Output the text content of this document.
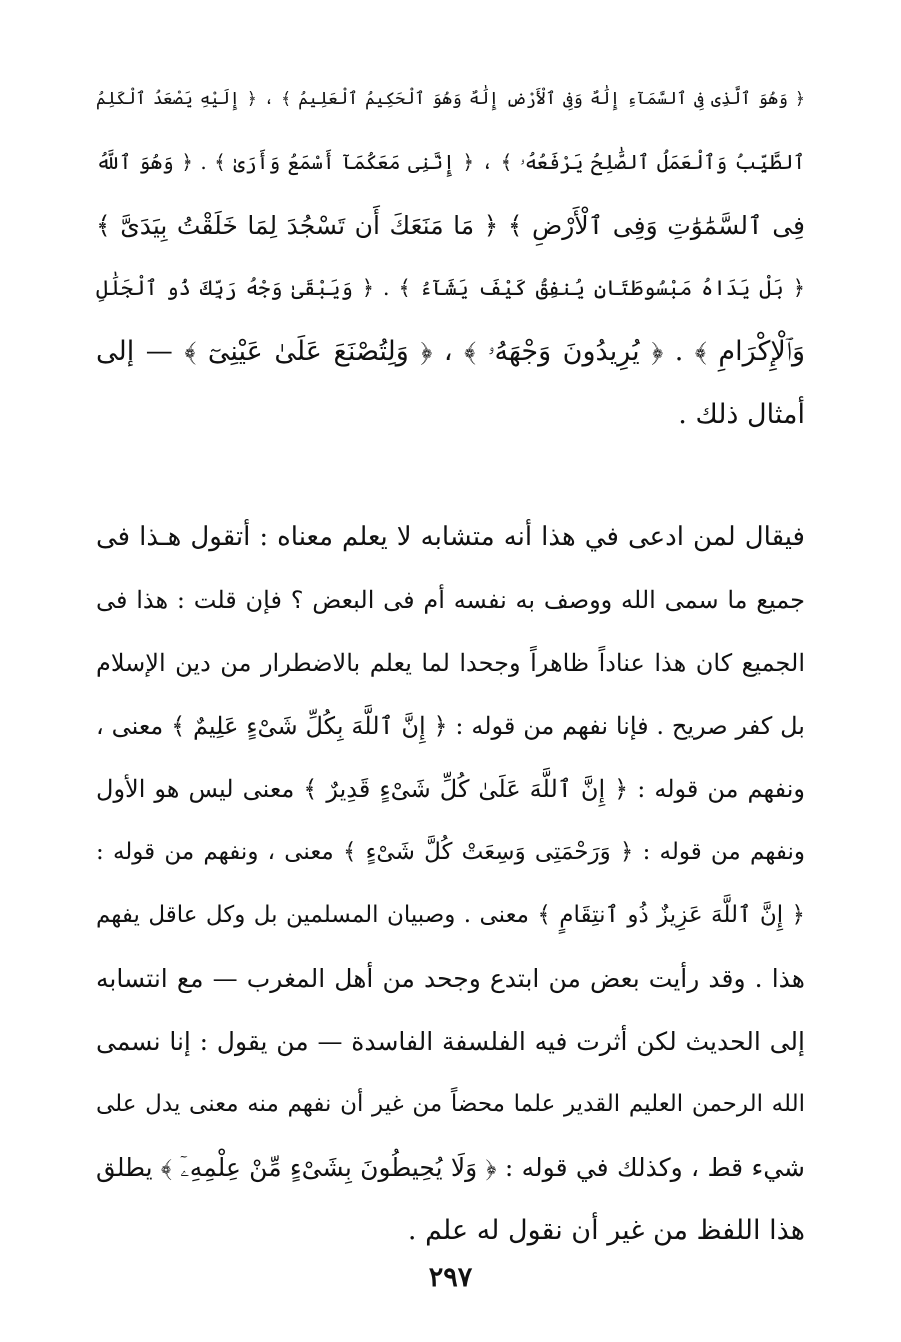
﴿ وَهُوَ ٱلَّذِى فِى ٱلسَّمَآءِ إِلَٰهٌ وَفِى ٱلْأَرْضِ إِلَٰهٌ وَهُوَ ٱلْحَكِيمُ ٱلْعَلِيمُ ﴾ ، ﴿ إِلَيْهِ يَصْعَدُ ٱلْكَلِمُ
ٱلطَّيِّبُ وَٱلْعَمَلُ ٱلصَّٰلِحُ يَرْفَعُهُۥ ﴾ ، ﴿ إِنَّنِى مَعَكُمَآ أَسْمَعُ وَأَرَىٰ ﴾ . ﴿ وَهُوَ ٱللَّهُ
فِى ٱلسَّمَٰوَٰتِ وَفِى ٱلْأَرْضِ ﴾ ﴿ مَا مَنَعَكَ أَن تَسْجُدَ لِمَا خَلَقْتُ بِيَدَىَّ ﴾
﴿ بَلْ يَدَاهُ مَبْسُوطَتَانِ يُنفِقُ كَيْفَ يَشَآءُ ﴾ . ﴿ وَيَبْقَىٰ وَجْهُ رَبِّكَ ذُو ٱلْجَلَٰلِ
وَٱلْإِكْرَامِ ﴾ . ﴿ يُرِيدُونَ وَجْهَهُۥ ﴾ ، ﴿ وَلِتُصْنَعَ عَلَىٰ عَيْنِىٓ ﴾ — إلى
أمثال ذلك .
فيقال لمن ادعى في هذا أنه متشابه لا يعلم معناه : أتقول هـذا فى
جميع ما سمى الله ووصف به نفسه أم فى البعض ؟ فإن قلت : هذا فى
الجميع كان هذا عناداً ظاهراً وجحدا لما يعلم بالاضطرار من دين الإسلام
بل كفر صريح . فإنا نفهم من قوله : ﴿ إِنَّ ٱللَّهَ بِكُلِّ شَىْءٍ عَلِيمٌ ﴾ معنى ،
ونفهم من قوله : ﴿ إِنَّ ٱللَّهَ عَلَىٰ كُلِّ شَىْءٍ قَدِيرٌ ﴾ معنى ليس هو الأول
ونفهم من قوله : ﴿ وَرَحْمَتِى وَسِعَتْ كُلَّ شَىْءٍ ﴾ معنى ، ونفهم من قوله :
﴿ إِنَّ ٱللَّهَ عَزِيزٌ ذُو ٱنتِقَامٍ ﴾ معنى . وصبيان المسلمين بل وكل عاقل يفهم
هذا . وقد رأيت بعض من ابتدع وجحد من أهل المغرب — مع انتسابه
إلى الحديث لكن أثرت فيه الفلسفة الفاسدة — من يقول : إنا نسمى
الله الرحمن العليم القدير علما محضاً من غير أن نفهم منه معنى يدل على
شيء قط ، وكذلك في قوله : ﴿ وَلَا يُحِيطُونَ بِشَىْءٍ مِّنْ عِلْمِهِۦٓ ﴾ يطلق
هذا اللفظ من غير أن نقول له علم .
٢٩٧
